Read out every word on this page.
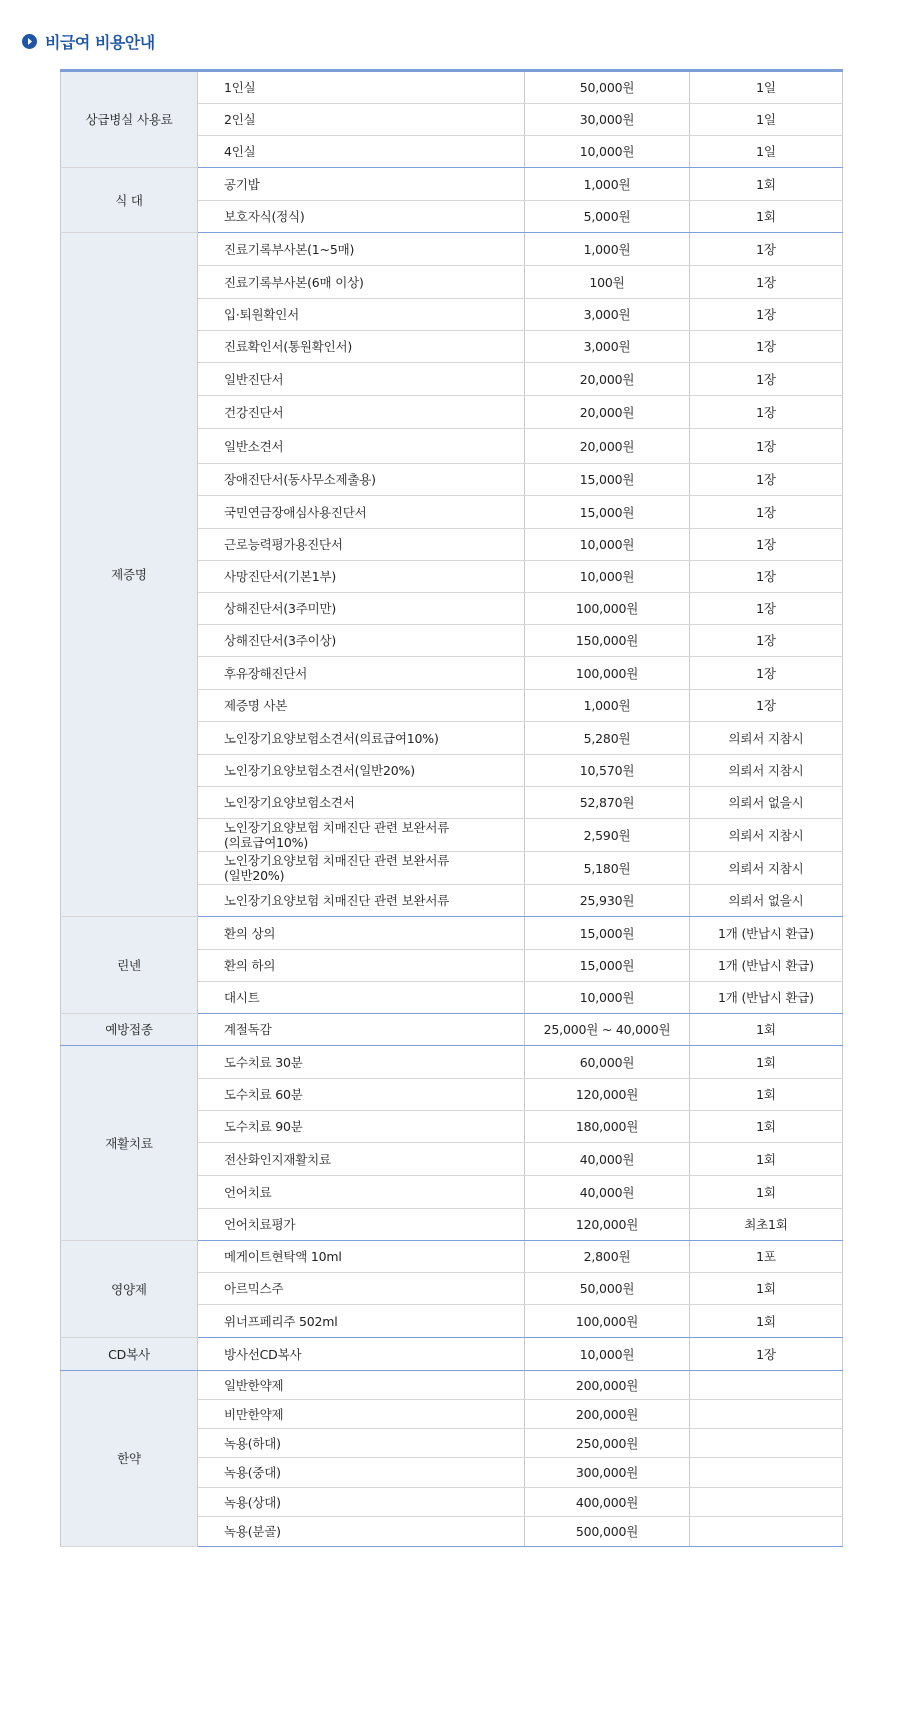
비급여 비용안내
상급병실 사용료	1인실	50,000원	1일
	2인실	30,000원	1일
	4인실	10,000원	1일
식 대	공기밥	1,000원	1회
	보호자식(정식)	5,000원	1회
제증명	진료기록부사본(1~5매)	1,000원	1장
	진료기록부사본(6매 이상)	100원	1장
	입·퇴원확인서	3,000원	1장
	진료확인서(통원확인서)	3,000원	1장
	일반진단서	20,000원	1장
	건강진단서	20,000원	1장
	일반소견서	20,000원	1장
	장애진단서(동사무소제출용)	15,000원	1장
	국민연금장애심사용진단서	15,000원	1장
	근로능력평가용진단서	10,000원	1장
	사망진단서(기본1부)	10,000원	1장
	상해진단서(3주미만)	100,000원	1장
	상해진단서(3주이상)	150,000원	1장
	후유장해진단서	100,000원	1장
	제증명 사본	1,000원	1장
	노인장기요양보험소견서(의료급여10%)	5,280원	의뢰서 지참시
	노인장기요양보험소견서(일반20%)	10,570원	의뢰서 지참시
	노인장기요양보험소견서	52,870원	의뢰서 없을시
	노인장기요양보험 치매진단 관련 보완서류
(의료급여10%)	2,590원	의뢰서 지참시
	노인장기요양보험 치매진단 관련 보완서류
(일반20%)	5,180원	의뢰서 지참시
	노인장기요양보험 치매진단 관련 보완서류	25,930원	의뢰서 없을시
린넨	환의 상의	15,000원	1개 (반납시 환급)
	환의 하의	15,000원	1개 (반납시 환급)
	대시트	10,000원	1개 (반납시 환급)
예방접종	계절독감	25,000원 ~ 40,000원	1회
재활치료	도수치료 30분	60,000원	1회
	도수치료 60분	120,000원	1회
	도수치료 90분	180,000원	1회
	전산화인지재활치료	40,000원	1회
	언어치료	40,000원	1회
	언어치료평가	120,000원	최초1회
영양제	메게이트현탁액 10ml	2,800원	1포
	아르믹스주	50,000원	1회
	위너프페리주 502ml	100,000원	1회
CD복사	방사선CD복사	10,000원	1장
한약	일반한약제	200,000원	
	비만한약제	200,000원	
	녹용(하대)	250,000원	
	녹용(중대)	300,000원	
	녹용(상대)	400,000원	
	녹용(분골)	500,000원	
